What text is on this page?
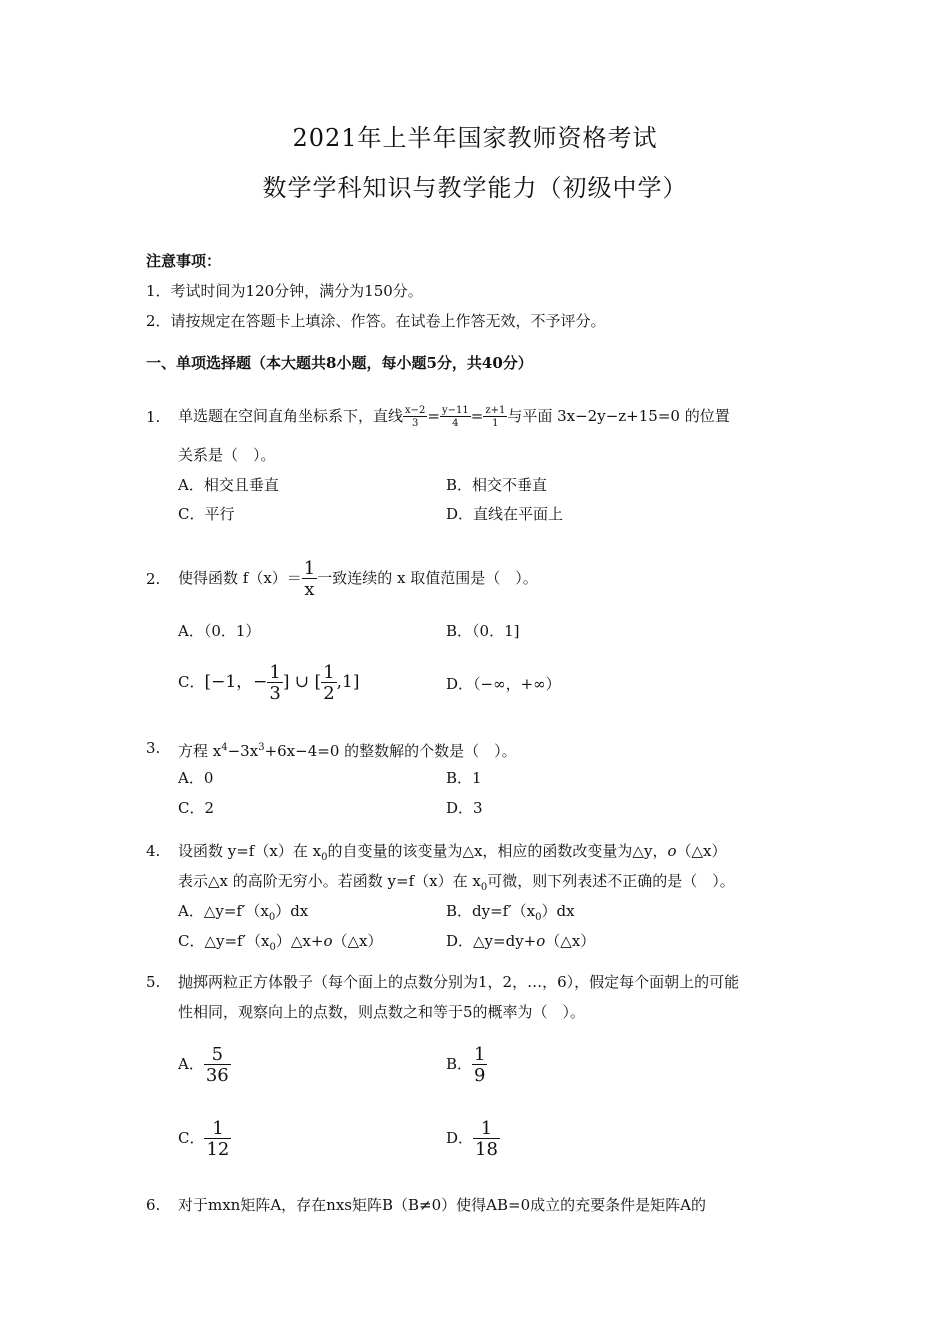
2021年上半年国家教师资格考试
数学学科知识与教学能力（初级中学）
注意事项：
1．考试时间为120分钟，满分为150分。
2．请按规定在答题卡上填涂、作答。在试卷上作答无效，不予评分。
一、单项选择题（本大题共8小题，每小题5分，共40分）
1. 单选题在空间直角坐标系下，直线 $\frac{x-2}{3} = \frac{y-11}{4} = \frac{z+1}{1}$ 与平面 3x−2y−z+15=0 的位置
关系是（　）。
A．相交且垂直	B．相交不垂直
C．平行	D．直线在平面上
2. 使得函数 $f(x)= \frac{1}{x}$ 一致连续的 x 取值范围是（　）。
A．（0．1）	B．（0．1]
C．[−1，− $\frac{1}{3}$ ] ∪ [ $\frac{1}{2} ,1$]	D．（−∞，+∞）
3. 方程 $x^4-3x^3+6x-4=0$ 的整数解的个数是（　）。
A．0	B．1
C．2	D．3
4. 设函数 y=f（x）在 $x_0$的自变量的该变量为△x，相应的函数改变量为△y，o（△x）
表示△x 的高阶无穷小。若函数 y=f（x）在 $x_0$可微，则下列表述不正确的是（　）。
A．$\triangle y=f'(x_0)dx$	B．$dy=f'(x_0)dx$
C．$\triangle y=f'(x_0)\triangle x+o(\triangle x)$	D．△y=dy+o（△x）
5. 抛掷两粒正方体骰子（每个面上的点数分别为1，2，…，6），假定每个面朝上的可能
性相同，观察向上的点数，则点数之和等于5的概率为（　）。
A． $\frac{5}{36}$	B． $\frac{1}{9}$
C． $\frac{1}{12}$	D． $\frac{1}{18}$
6. 对于mxn矩阵A，存在nxs矩阵B（B≠0）使得AB=0成立的充要条件是矩阵A的
